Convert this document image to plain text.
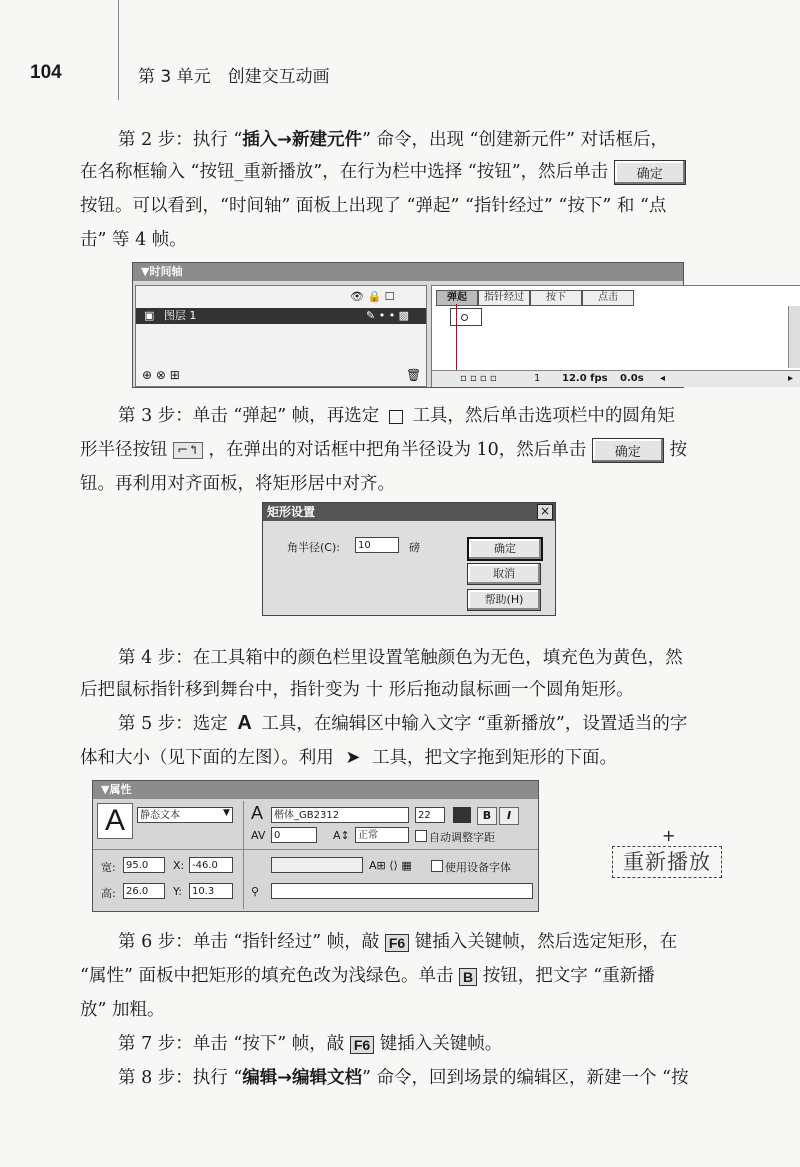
104	第 3 单元　创建交互动画
第 2 步：执行 “插入→新建元件” 命令，出现 “创建新元件” 对话框后，
在名称框输入 “按钮_重新播放”，在行为栏中选择 “按钮”，然后单击 确定
按钮。可以看到，“时间轴” 面板上出现了 “弹起” “指针经过” “按下” 和 “点
击” 等 4 帧。
▼时间轴
👁 🔒 ☐
▣ 图层 1	✎ • • ▩
⊕ ⊗ ⊞	🗑
弹起	指针经过	按下	点击
▫ ▫ ▫ ▫	1 12.0 fps 0.0s ◂	▸
第 3 步：单击 “弹起” 帧，再选定 工具，然后单击选项栏中的圆角矩
形半径按钮 ⌐↰ ，在弹出的对话框中把角半径设为 10，然后单击 确定 按
钮。再利用对齐面板，将矩形居中对齐。
矩形设置	×
角半径(C):	10	磅	确定
取消
帮助(H)
第 4 步：在工具箱中的颜色栏里设置笔触颜色为无色，填充色为黄色，然
后把鼠标指针移到舞台中，指针变为 十 形后拖动鼠标画一个圆角矩形。
第 5 步：选定 A 工具，在编辑区中输入文字 “重新播放”，设置适当的字
体和大小（见下面的左图）。利用 ➤ 工具，把文字拖到矩形的下面。
▼属性
A	静态文本	▼ A	楷体_GB2312	22	B	I
AV 0	A↕ 正常	自动调整字距
宽:	95.0	X: -46.0
高:	26.0	Y:	10.3
A⊞ ⟨⟩ ▦	使用设备字体
⚲
+
重新播放
第 6 步：单击 “指针经过” 帧，敲 F6 键插入关键帧，然后选定矩形，在
“属性” 面板中把矩形的填充色改为浅绿色。单击 B 按钮，把文字 “重新播
放” 加粗。
第 7 步：单击 “按下” 帧，敲 F6 键插入关键帧。
第 8 步：执行 “编辑→编辑文档” 命令，回到场景的编辑区，新建一个 “按
